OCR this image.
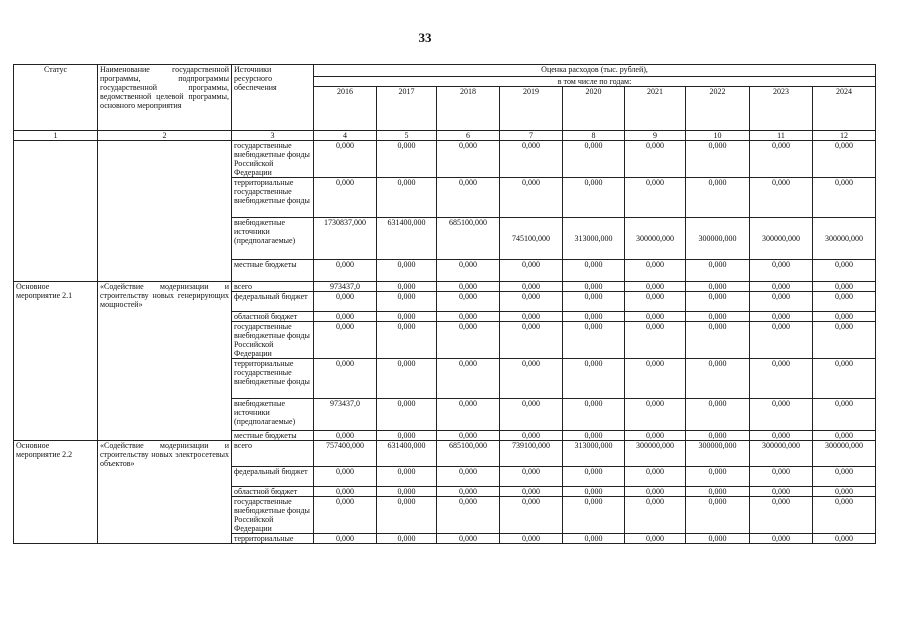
33
Статус	Наименование государственной программы, подпрограммы государственной программы, ведомственной целевой программы, основного мероприятия	Источники ресурсного обеспечения	Оценка расходов (тыс. рублей),								
			в том числе по годам:								
			2016	2017	2018	2019	2020	2021	2022	2023	2024
1	2	3	4	5	6	7	8	9	10	11	12
		государственные внебюджетные фонды Российской Федерации	0,000	0,000	0,000	0,000	0,000	0,000	0,000	0,000	0,000
		территориальные государственные внебюджетные фонды	0,000	0,000	0,000	0,000	0,000	0,000	0,000	0,000	0,000
		внебюджетные источники (предполагаемые)	1730837,000	631400,000	685100,000	745100,000	313000,000	300000,000	300000,000	300000,000	300000,000
		местные бюджеты	0,000	0,000	0,000	0,000	0,000	0,000	0,000	0,000	0,000
Основное мероприятие 2.1	«Содействие модернизации и строительству новых генерирующих мощностей»	всего	973437,0	0,000	0,000	0,000	0,000	0,000	0,000	0,000	0,000
		федеральный бюджет	0,000	0,000	0,000	0,000	0,000	0,000	0,000	0,000	0,000
		областной бюджет	0,000	0,000	0,000	0,000	0,000	0,000	0,000	0,000	0,000
		государственные внебюджетные фонды Российской Федерации	0,000	0,000	0,000	0,000	0,000	0,000	0,000	0,000	0,000
		территориальные государственные внебюджетные фонды	0,000	0,000	0,000	0,000	0,000	0,000	0,000	0,000	0,000
		внебюджетные источники (предполагаемые)	973437,0	0,000	0,000	0,000	0,000	0,000	0,000	0,000	0,000
		местные бюджеты	0,000	0,000	0,000	0,000	0,000	0,000	0,000	0,000	0,000
Основное мероприятие 2.2	«Содействие модернизации и строительству новых электросетевых объектов»	всего	757400,000	631400,000	685100,000	739100,000	313000,000	300000,000	300000,000	300000,000	300000,000
		федеральный бюджет	0,000	0,000	0,000	0,000	0,000	0,000	0,000	0,000	0,000
		областной бюджет	0,000	0,000	0,000	0,000	0,000	0,000	0,000	0,000	0,000
		государственные внебюджетные фонды Российской Федерации	0,000	0,000	0,000	0,000	0,000	0,000	0,000	0,000	0,000
		территориальные	0,000	0,000	0,000	0,000	0,000	0,000	0,000	0,000	0,000
